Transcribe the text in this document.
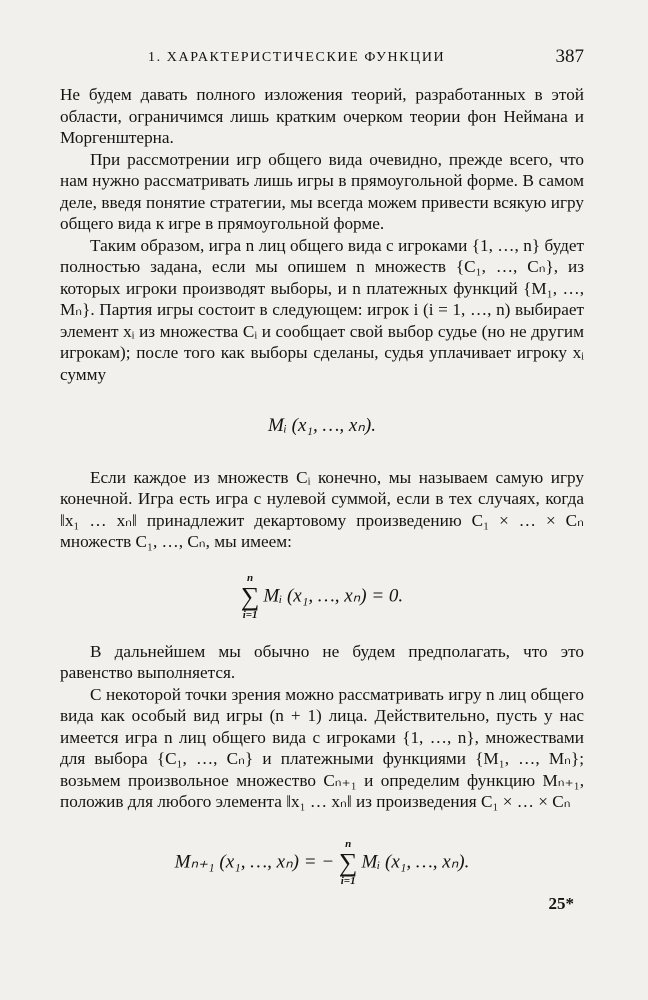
1. ХАРАКТЕРИСТИЧЕСКИЕ ФУНКЦИИ	387

Не будем давать полного изложения теорий, разработанных в этой области, ограничимся лишь кратким очерком теории фон Неймана и Моргенштерна.

При рассмотрении игр общего вида очевидно, прежде всего, что нам нужно рассматривать лишь игры в прямоугольной форме. В самом деле, введя понятие стратегии, мы всегда можем привести всякую игру общего вида к игре в прямоугольной форме.

Таким образом, игра n лиц общего вида с игроками {1, …, n} будет полностью задана, если мы опишем n множеств {C₁, …, Cₙ}, из которых игроки производят выборы, и n платежных функций {M₁, …, Mₙ}. Партия игры состоит в следующем: игрок i (i = 1, …, n) выбирает элемент xᵢ из множества Cᵢ и сообщает свой выбор судье (но не другим игрокам); после того как выборы сделаны, судья уплачивает игроку xᵢ сумму

Mᵢ (x₁, …, xₙ).

Если каждое из множеств Cᵢ конечно, мы называем самую игру конечной. Игра есть игра с нулевой суммой, если в тех случаях, когда ‖x₁ … xₙ‖ принадлежит декартовому произведению C₁ × … × Cₙ множеств C₁, …, Cₙ, мы имеем:

n
∑
i=1
Mᵢ (x₁, …, xₙ) = 0.

В дальнейшем мы обычно не будем предполагать, что это равенство выполняется.

С некоторой точки зрения можно рассматривать игру n лиц общего вида как особый вид игры (n + 1) лица. Действительно, пусть у нас имеется игра n лиц общего вида с игроками {1, …, n}, множествами для выбора {C₁, …, Cₙ} и платежными функциями {M₁, …, Mₙ}; возьмем произвольное множество Cₙ₊₁ и определим функцию Mₙ₊₁, положив для любого элемента ‖x₁ … xₙ‖ из произведения C₁ × … × Cₙ

Mₙ₊₁ (x₁, …, xₙ) = −
n
∑
i=1
Mᵢ (x₁, …, xₙ).
25*
